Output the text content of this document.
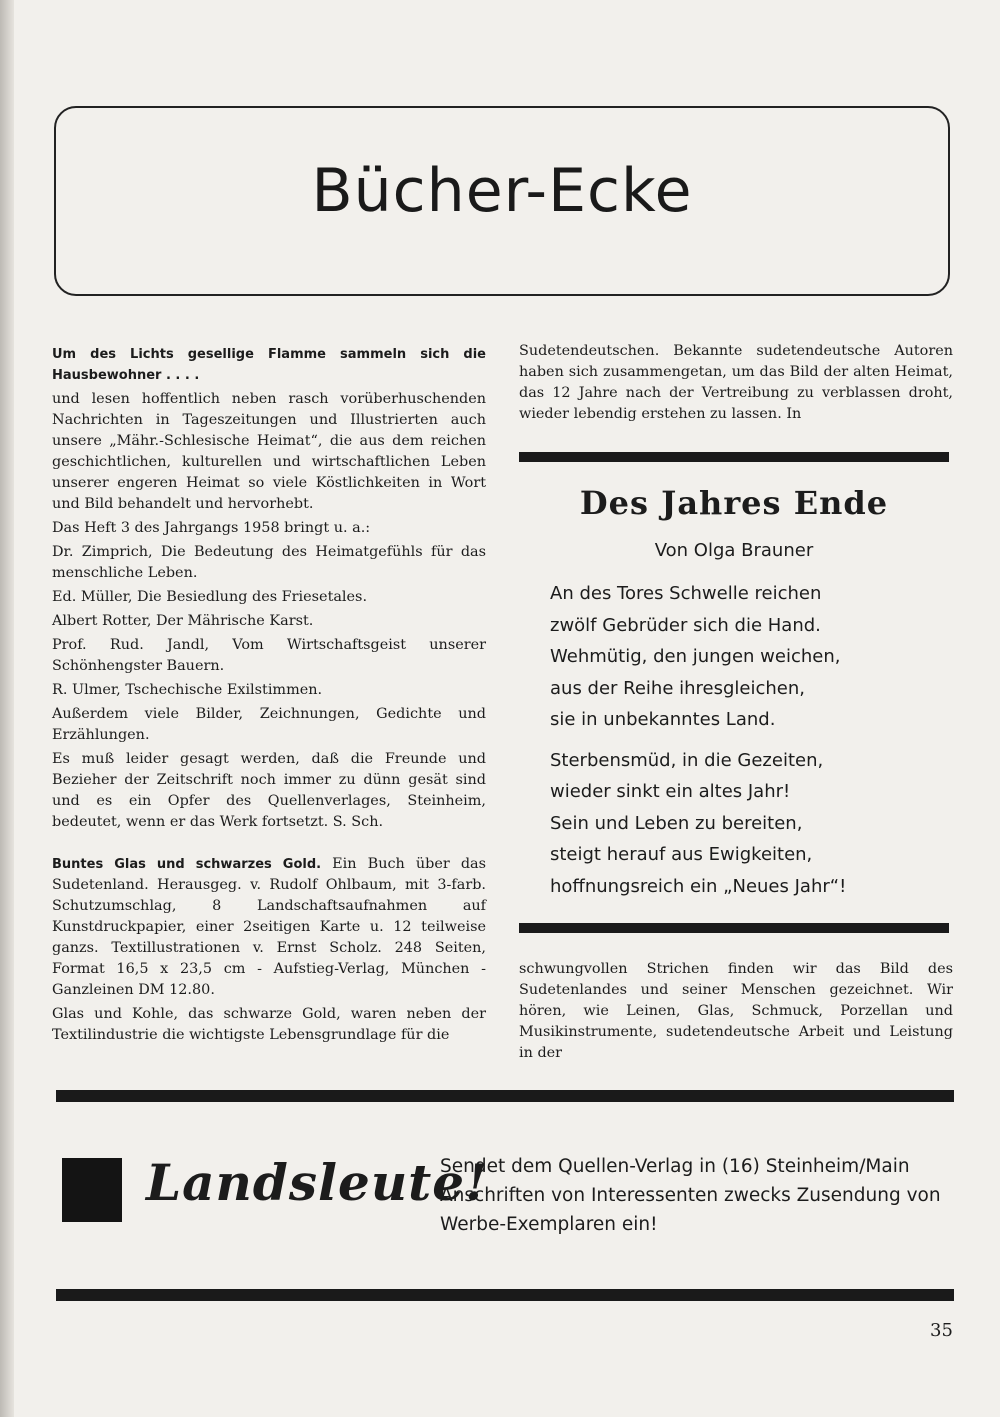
Bücher-Ecke

Um des Lichts gesellige Flamme sammeln sich die Hausbewohner . . . .

und lesen hoffentlich neben rasch vorüberhuschenden Nachrichten in Tageszeitungen und Illustrierten auch unsere „Mähr.-Schlesische Heimat“, die aus dem reichen geschichtlichen, kulturellen und wirtschaftlichen Leben unserer engeren Heimat so viele Köstlichkeiten in Wort und Bild behandelt und hervorhebt.

Das Heft 3 des Jahrgangs 1958 bringt u. a.:

Dr. Zimprich, Die Bedeutung des Heimatgefühls für das menschliche Leben.

Ed. Müller, Die Besiedlung des Friesetales.

Albert Rotter, Der Mährische Karst.

Prof. Rud. Jandl, Vom Wirtschaftsgeist unserer Schönhengster Bauern.

R. Ulmer, Tschechische Exilstimmen.

Außerdem viele Bilder, Zeichnungen, Gedichte und Erzählungen.

Es muß leider gesagt werden, daß die Freunde und Bezieher der Zeitschrift noch immer zu dünn gesät sind und es ein Opfer des Quellenverlages, Steinheim, bedeutet, wenn er das Werk fortsetzt. S. Sch.

Buntes Glas und schwarzes Gold. Ein Buch über das Sudetenland. Herausgeg. v. Rudolf Ohlbaum, mit 3-farb. Schutzumschlag, 8 Landschaftsaufnahmen auf Kunstdruckpapier, einer 2seitigen Karte u. 12 teilweise ganzs. Textillustrationen v. Ernst Scholz. 248 Seiten, Format 16,5 x 23,5 cm - Aufstieg-Verlag, München - Ganzleinen DM 12.80.

Glas und Kohle, das schwarze Gold, waren neben der Textilindustrie die wichtigste Lebensgrundlage für die

Sudetendeutschen. Bekannte sudetendeutsche Autoren haben sich zusammengetan, um das Bild der alten Heimat, das 12 Jahre nach der Vertreibung zu verblassen droht, wieder lebendig erstehen zu lassen. In

Des Jahres Ende
Von Olga Brauner
An des Tores Schwelle reichen
zwölf Gebrüder sich die Hand.
Wehmütig, den jungen weichen,
aus der Reihe ihresgleichen,
sie in unbekanntes Land.
Sterbensmüd, in die Gezeiten,
wieder sinkt ein altes Jahr!
Sein und Leben zu bereiten,
steigt herauf aus Ewigkeiten,
hoffnungsreich ein „Neues Jahr“!

schwungvollen Strichen finden wir das Bild des Sudetenlandes und seiner Menschen gezeichnet. Wir hören, wie Leinen, Glas, Schmuck, Porzellan und Musikinstrumente, sudetendeutsche Arbeit und Leistung in der

Landsleute!
Sendet dem Quellen-Verlag in (16) Steinheim/Main
Anschriften von Interessenten zwecks Zusendung von
Werbe-Exemplaren ein!
35
